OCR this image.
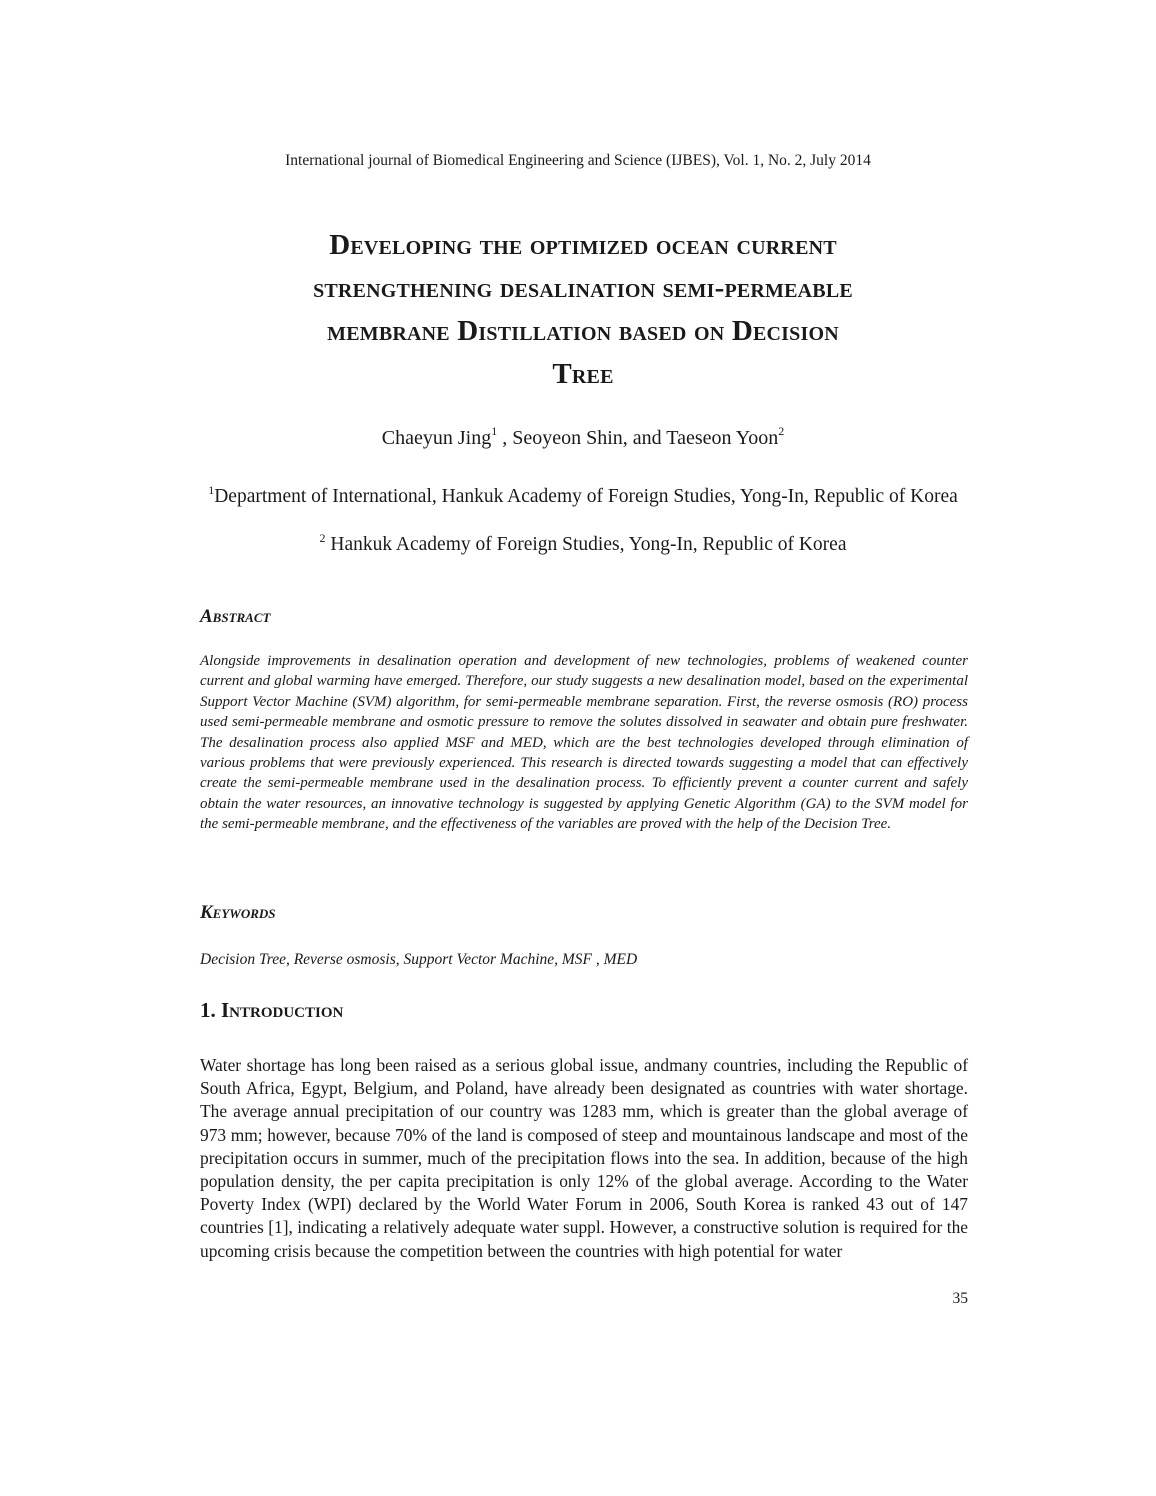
International journal of Biomedical Engineering and Science (IJBES), Vol. 1, No. 2, July 2014
Developing the optimized ocean current
strengthening desalination semi-permeable
membrane Distillation based on Decision
Tree
Chaeyun Jing$^1$ , Seoyeon Shin, and Taeseon Yoon$^2$
$^1$Department of International, Hankuk Academy of Foreign Studies, Yong-In, Republic of Korea
$^2$ Hankuk Academy of Foreign Studies, Yong-In, Republic of Korea
Abstract
Alongside improvements in desalination operation and development of new technologies, problems of weakened counter current and global warming have emerged. Therefore, our study suggests a new desalination model, based on the experimental Support Vector Machine (SVM) algorithm, for semi-permeable membrane separation. First, the reverse osmosis (RO) process used semi-permeable membrane and osmotic pressure to remove the solutes dissolved in seawater and obtain pure freshwater. The desalination process also applied MSF and MED, which are the best technologies developed through elimination of various problems that were previously experienced. This research is directed towards suggesting a model that can effectively create the semi-permeable membrane used in the desalination process. To efficiently prevent a counter current and safely obtain the water resources, an innovative technology is suggested by applying Genetic Algorithm (GA) to the SVM model for the semi-permeable membrane, and the effectiveness of the variables are proved with the help of the Decision Tree.
Keywords
Decision Tree, Reverse osmosis, Support Vector Machine, MSF , MED
1. Introduction
Water shortage has long been raised as a serious global issue, andmany countries, including the Republic of South Africa, Egypt, Belgium, and Poland, have already been designated as countries with water shortage. The average annual precipitation of our country was 1283 mm, which is greater than the global average of 973 mm; however, because 70% of the land is composed of steep and mountainous landscape and most of the precipitation occurs in summer, much of the precipitation flows into the sea. In addition, because of the high population density, the per capita precipitation is only 12% of the global average. According to the Water Poverty Index (WPI) declared by the World Water Forum in 2006, South Korea is ranked 43 out of 147 countries [1], indicating a relatively adequate water suppl. However, a constructive solution is required for the upcoming crisis because the competition between the countries with high potential for water
35
